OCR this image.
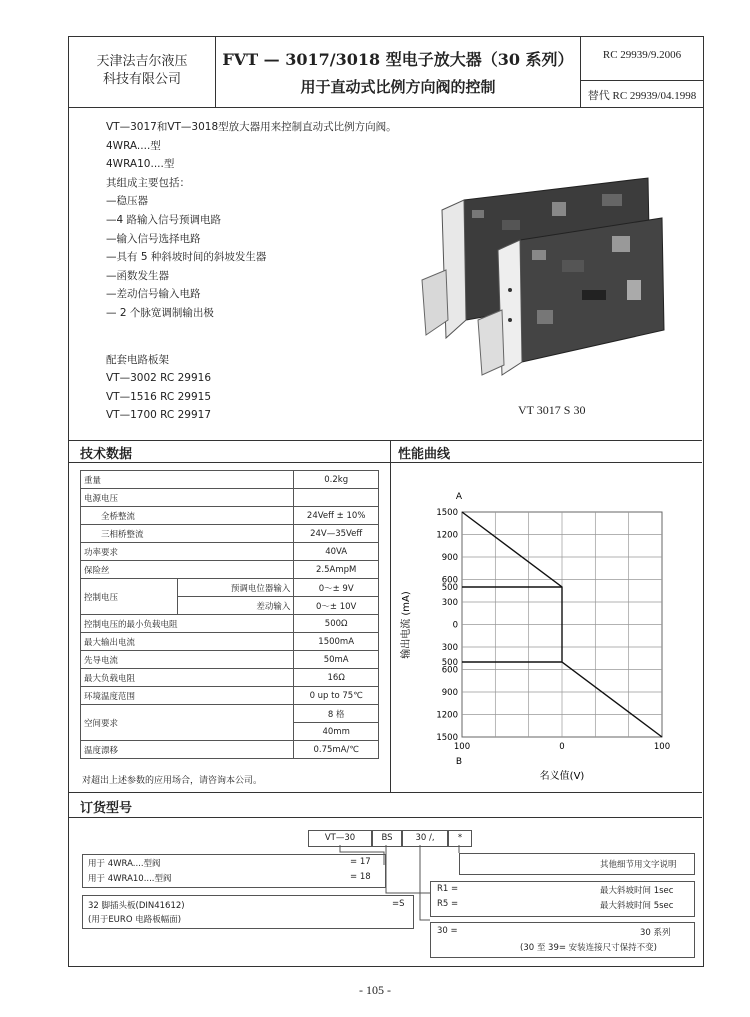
天津法吉尔液压
科技有限公司
FVT — 3017/3018 型电子放大器（30 系列）
用于直动式比例方向阀的控制
RC 29939/9.2006
替代 RC 29939/04.1998
VT—3017和VT—3018型放大器用来控制直动式比例方向阀。
4WRA....型
4WRA10....型
其组成主要包括：
—稳压器
—4 路输入信号预调电路
—输入信号选择电路
—具有 5 种斜坡时间的斜坡发生器
—函数发生器
—差动信号输入电路
— 2 个脉宽调制输出极
配套电路板架
VT—3002 RC 29916
VT—1516 RC 29915
VT—1700 RC 29917	VT 3017 S 30
技术数据	性能曲线
重量		0.2kg
电源电压		
全桥整流		24Veff ± 10%
三相桥整流		24V—35Veff
功率要求		40VA
保险丝		2.5AmpM
控制电压	预调电位器输入	0～± 9V
	差动输入	0～± 10V
控制电压的最小负载电阻		500Ω
最大输出电流		1500mA
先导电流		50mA
最大负载电阻		16Ω
环境温度范围		0 up to 75℃
空间要求		8 格
		40mm
温度漂移		0.75mA/℃
对超出上述参数的应用场合，请咨询本公司。
1500
1200
900
600
500
300
0
300
500
600
900
1200
1500
100	0	100
A
B
输出电流 (mA)
名义值(V)
订货型号
VT—30	BS	30 /,	*
用于 4WRA....型阀	= 17
用于 4WRA10....型阀	= 18
32 脚插头板(DIN41612)	=S
(用于EURO 电路板幅面)
其他细节用文字说明
R1 =	最大斜坡时间 1sec
R5 =	最大斜坡时间 5sec
30 =	30 系列
(30 至 39= 安装连接尺寸保持不变)
- 105 -
